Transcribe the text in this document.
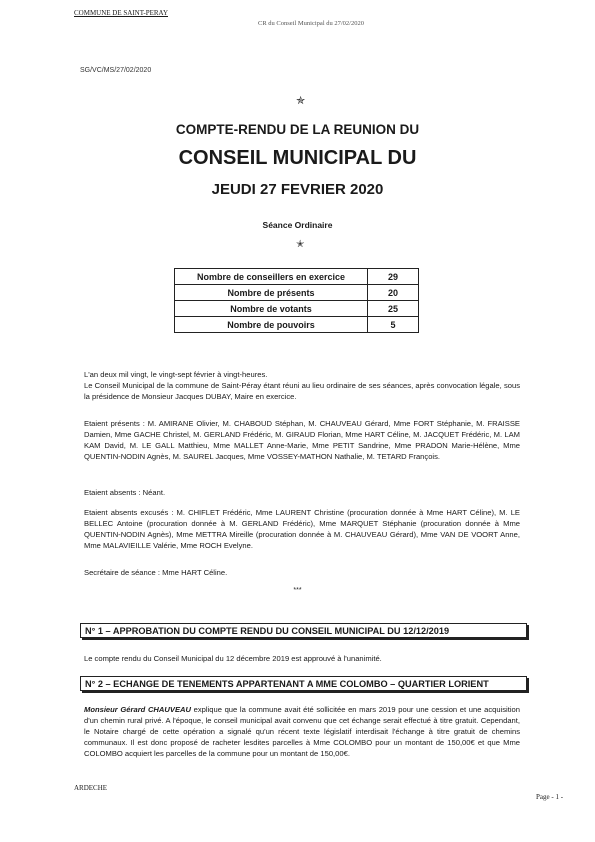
COMMUNE DE SAINT-PERAY
CR du Conseil Municipal du 27/02/2020
SG/VC/MS/27/02/2020
✯
COMPTE-RENDU DE LA REUNION DU
CONSEIL MUNICIPAL DU
JEUDI 27 FEVRIER 2020
Séance Ordinaire
✭
Nombre de conseillers en exercice	29
Nombre de présents	20
Nombre de votants	25
Nombre de pouvoirs	5
L'an deux mil vingt, le vingt-sept février à vingt-heures.
Le Conseil Municipal de la commune de Saint-Péray étant réuni au lieu ordinaire de ses séances, après convocation légale, sous la présidence de Monsieur Jacques DUBAY, Maire en exercice.
Etaient présents : M. AMIRANE Olivier, M. CHABOUD Stéphan, M. CHAUVEAU Gérard, Mme FORT Stéphanie, M. FRAISSE Damien, Mme GACHE Christel, M. GERLAND Frédéric, M. GIRAUD Florian, Mme HART Céline, M. JACQUET Frédéric, M. LAM KAM David, M. LE GALL Matthieu, Mme MALLET Anne-Marie, Mme PETIT Sandrine, Mme PRADON Marie-Hélène, Mme QUENTIN-NODIN Agnès, M. SAUREL Jacques, Mme VOSSEY-MATHON Nathalie, M. TETARD François.
Etaient absents : Néant.
Etaient absents excusés : M. CHIFLET Frédéric, Mme LAURENT Christine (procuration donnée à Mme HART Céline), M. LE BELLEC Antoine (procuration donnée à M. GERLAND Frédéric), Mme MARQUET Stéphanie (procuration donnée à Mme QUENTIN-NODIN Agnès), Mme METTRA Mireille (procuration donnée à M. CHAUVEAU Gérard), Mme VAN DE VOORT Anne, Mme MALAVIEILLE Valérie, Mme ROCH Evelyne.
Secrétaire de séance : Mme HART Céline.
***
N° 1 – APPROBATION DU COMPTE RENDU DU CONSEIL MUNICIPAL DU 12/12/2019
Le compte rendu du Conseil Municipal du 12 décembre 2019 est approuvé à l'unanimité.
N° 2 – ECHANGE DE TENEMENTS APPARTENANT A MME COLOMBO – QUARTIER LORIENT
Monsieur Gérard CHAUVEAU explique que la commune avait été sollicitée en mars 2019 pour une cession et une acquisition d'un chemin rural privé. A l'époque, le conseil municipal avait convenu que cet échange serait effectué à titre gratuit. Cependant, le Notaire chargé de cette opération a signalé qu'un récent texte législatif interdisait l'échange à titre gratuit de chemins communaux. Il est donc proposé de racheter lesdites parcelles à Mme COLOMBO pour un montant de 150,00€ et que Mme COLOMBO acquiert les parcelles de la commune pour un montant de 150,00€.
ARDECHE
Page - 1 -
